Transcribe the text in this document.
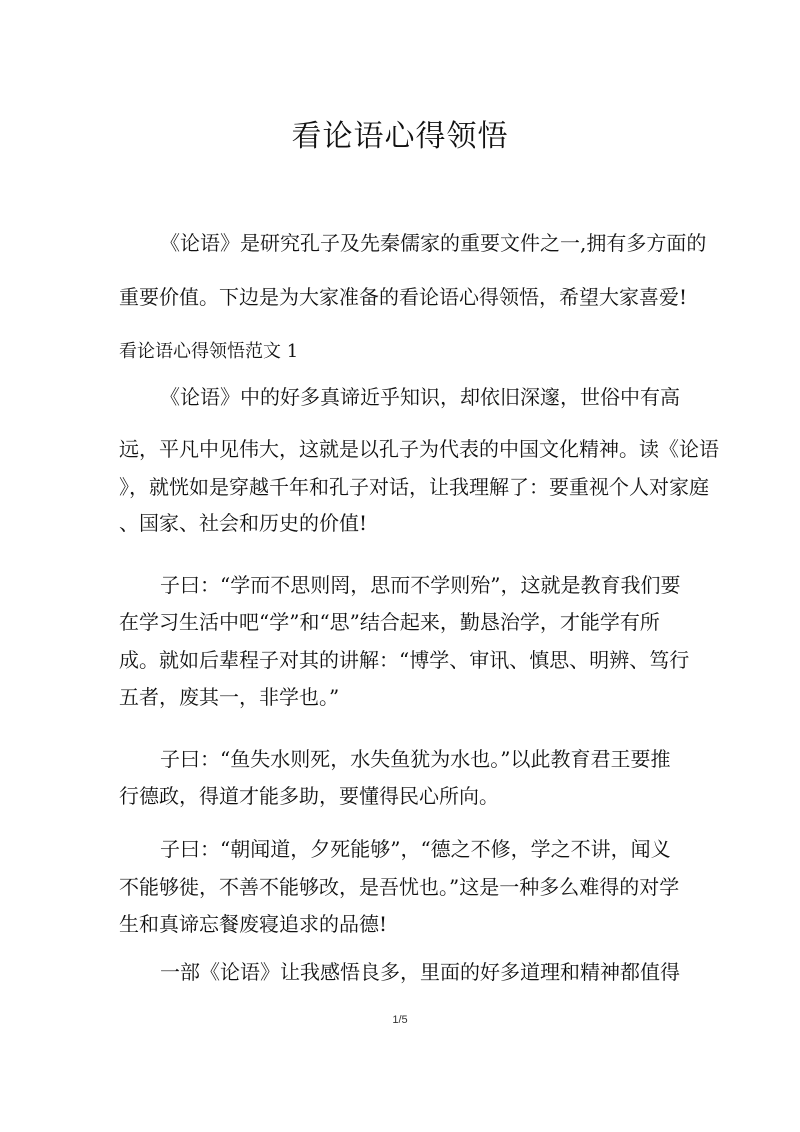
看论语心得领悟
《论语》是研究孔子及先秦儒家的重要文件之一,拥有多方面的
重要价值。下边是为大家准备的看论语心得领悟，希望大家喜爱!
看论语心得领悟范文 1
《论语》中的好多真谛近乎知识，却依旧深邃，世俗中有高
远，平凡中见伟大，这就是以孔子为代表的中国文化精神。读《论语
》，就恍如是穿越千年和孔子对话，让我理解了：要重视个人对家庭
、国家、社会和历史的价值!
子曰：“学而不思则罔，思而不学则殆”，这就是教育我们要
在学习生活中吧“学”和“思”结合起来，勤恳治学，才能学有所
成。就如后辈程子对其的讲解：“博学、审讯、慎思、明辨、笃行
五者，废其一，非学也。”
子曰：“鱼失水则死，水失鱼犹为水也。”以此教育君王要推
行德政，得道才能多助，要懂得民心所向。
子曰：“朝闻道，夕死能够”，“德之不修，学之不讲，闻义
不能够徙，不善不能够改，是吾忧也。”这是一种多么难得的对学
生和真谛忘餐废寝追求的品德!
一部《论语》让我感悟良多，里面的好多道理和精神都值得
1/5
